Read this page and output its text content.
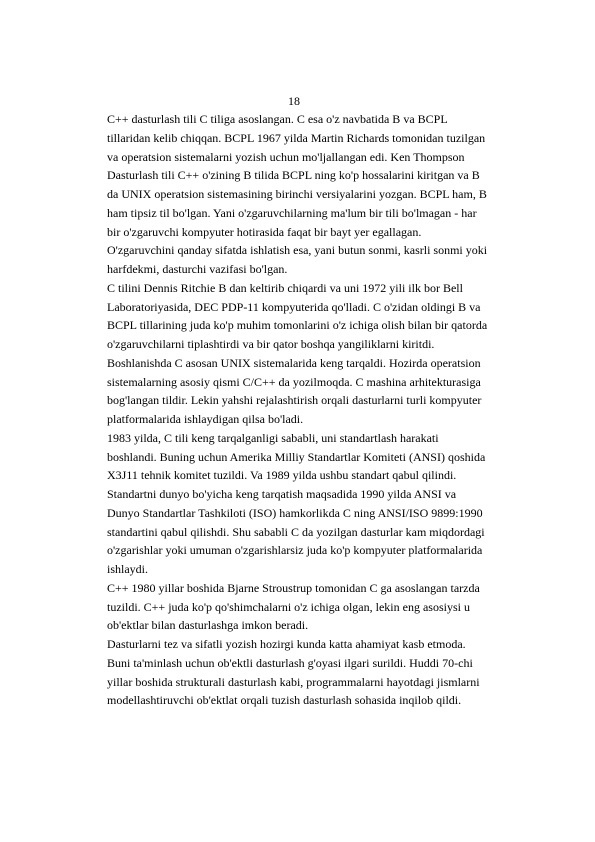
18
C++ dasturlash tili C tiliga asoslangan. C esa o'z navbatida B va BCPL
tillaridan kelib chiqqan. BCPL 1967 yilda Martin Richards tomonidan tuzilgan
va operatsion sistemalarni yozish uchun mo'ljallangan edi. Ken Thompson
Dasturlash tili C++ o'zining B tilida BCPL ning ko'p hossalarini kiritgan va B
da UNIX operatsion sistemasining birinchi versiyalarini yozgan. BCPL ham, B
ham tipsiz til bo'lgan. Yani o'zgaruvchilarning ma'lum bir tili bo'lmagan - har
bir o'zgaruvchi kompyuter hotirasida faqat bir bayt yer egallagan.
O'zgaruvchini qanday sifatda ishlatish esa, yani butun sonmi, kasrli sonmi yoki
harfdekmi, dasturchi vazifasi bo'lgan.
C tilini Dennis Ritchie B dan keltirib chiqardi va uni 1972 yili ilk bor Bell
Laboratoriyasida, DEC PDP-11 kompyuterida qo'lladi. C o'zidan oldingi B va
BCPL tillarining juda ko'p muhim tomonlarini o'z ichiga olish bilan bir qatorda
o'zgaruvchilarni tiplashtirdi va bir qator boshqa yangiliklarni kiritdi.
Boshlanishda C asosan UNIX sistemalarida keng tarqaldi. Hozirda operatsion
sistemalarning asosiy qismi C/C++ da yozilmoqda. C mashina arhitekturasiga
bog'langan tildir. Lekin yahshi rejalashtirish orqali dasturlarni turli kompyuter
platformalarida ishlaydigan qilsa bo'ladi.
1983 yilda, C tili keng tarqalganligi sababli, uni standartlash harakati
boshlandi. Buning uchun Amerika Milliy Standartlar Komiteti (ANSI) qoshida
X3J11 tehnik komitet tuzildi. Va 1989 yilda ushbu standart qabul qilindi.
Standartni dunyo bo'yicha keng tarqatish maqsadida 1990 yilda ANSI va
Dunyo Standartlar Tashkiloti (ISO) hamkorlikda C ning ANSI/ISO 9899:1990
standartini qabul qilishdi. Shu sababli C da yozilgan dasturlar kam miqdordagi
o'zgarishlar yoki umuman o'zgarishlarsiz juda ko'p kompyuter platformalarida
ishlaydi.
C++ 1980 yillar boshida Bjarne Stroustrup tomonidan C ga asoslangan tarzda
tuzildi. C++ juda ko'p qo'shimchalarni o'z ichiga olgan, lekin eng asosiysi u
ob'ektlar bilan dasturlashga imkon beradi.
Dasturlarni tez va sifatli yozish hozirgi kunda katta ahamiyat kasb etmoda.
Buni ta'minlash uchun ob'ektli dasturlash g'oyasi ilgari surildi. Huddi 70-chi
yillar boshida strukturali dasturlash kabi, programmalarni hayotdagi jismlarni
modellashtiruvchi ob'ektlat orqali tuzish dasturlash sohasida inqilob qildi.
